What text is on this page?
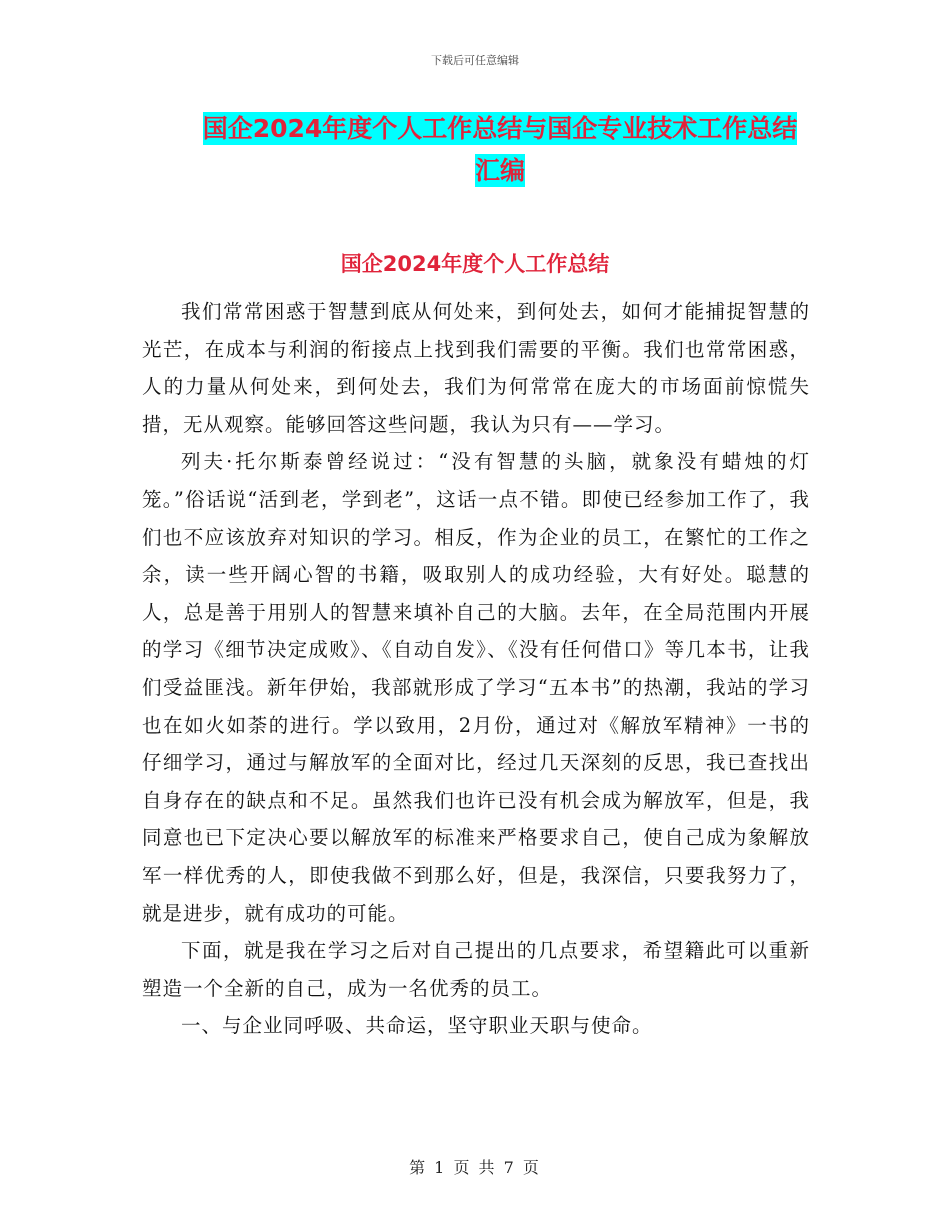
下载后可任意编辑
国企2024年度个人工作总结与国企专业技术工作总结
汇编
国企2024年度个人工作总结

我们常常困惑于智慧到底从何处来，到何处去，如何才能捕捉智慧的光芒，在成本与利润的衔接点上找到我们需要的平衡。我们也常常困惑，人的力量从何处来，到何处去，我们为何常常在庞大的市场面前惊慌失措，无从观察。能够回答这些问题，我认为只有——学习。

列夫·托尔斯泰曾经说过：“没有智慧的头脑，就象没有蜡烛的灯笼。”俗话说“活到老，学到老”，这话一点不错。即使已经参加工作了，我们也不应该放弃对知识的学习。相反，作为企业的员工，在繁忙的工作之余，读一些开阔心智的书籍，吸取别人的成功经验，大有好处。聪慧的人，总是善于用别人的智慧来填补自己的大脑。去年，在全局范围内开展的学习《细节决定成败》、《自动自发》、《没有任何借口》等几本书，让我们受益匪浅。新年伊始，我部就形成了学习“五本书”的热潮，我站的学习也在如火如荼的进行。学以致用，2月份，通过对《解放军精神》一书的仔细学习，通过与解放军的全面对比，经过几天深刻的反思，我已查找出自身存在的缺点和不足。虽然我们也许已没有机会成为解放军，但是，我同意也已下定决心要以解放军的标准来严格要求自己，使自己成为象解放军一样优秀的人，即使我做不到那么好，但是，我深信，只要我努力了，就是进步，就有成功的可能。

下面，就是我在学习之后对自己提出的几点要求，希望籍此可以重新塑造一个全新的自己，成为一名优秀的员工。

一、与企业同呼吸、共命运，坚守职业天职与使命。

第 1 页 共 7 页
